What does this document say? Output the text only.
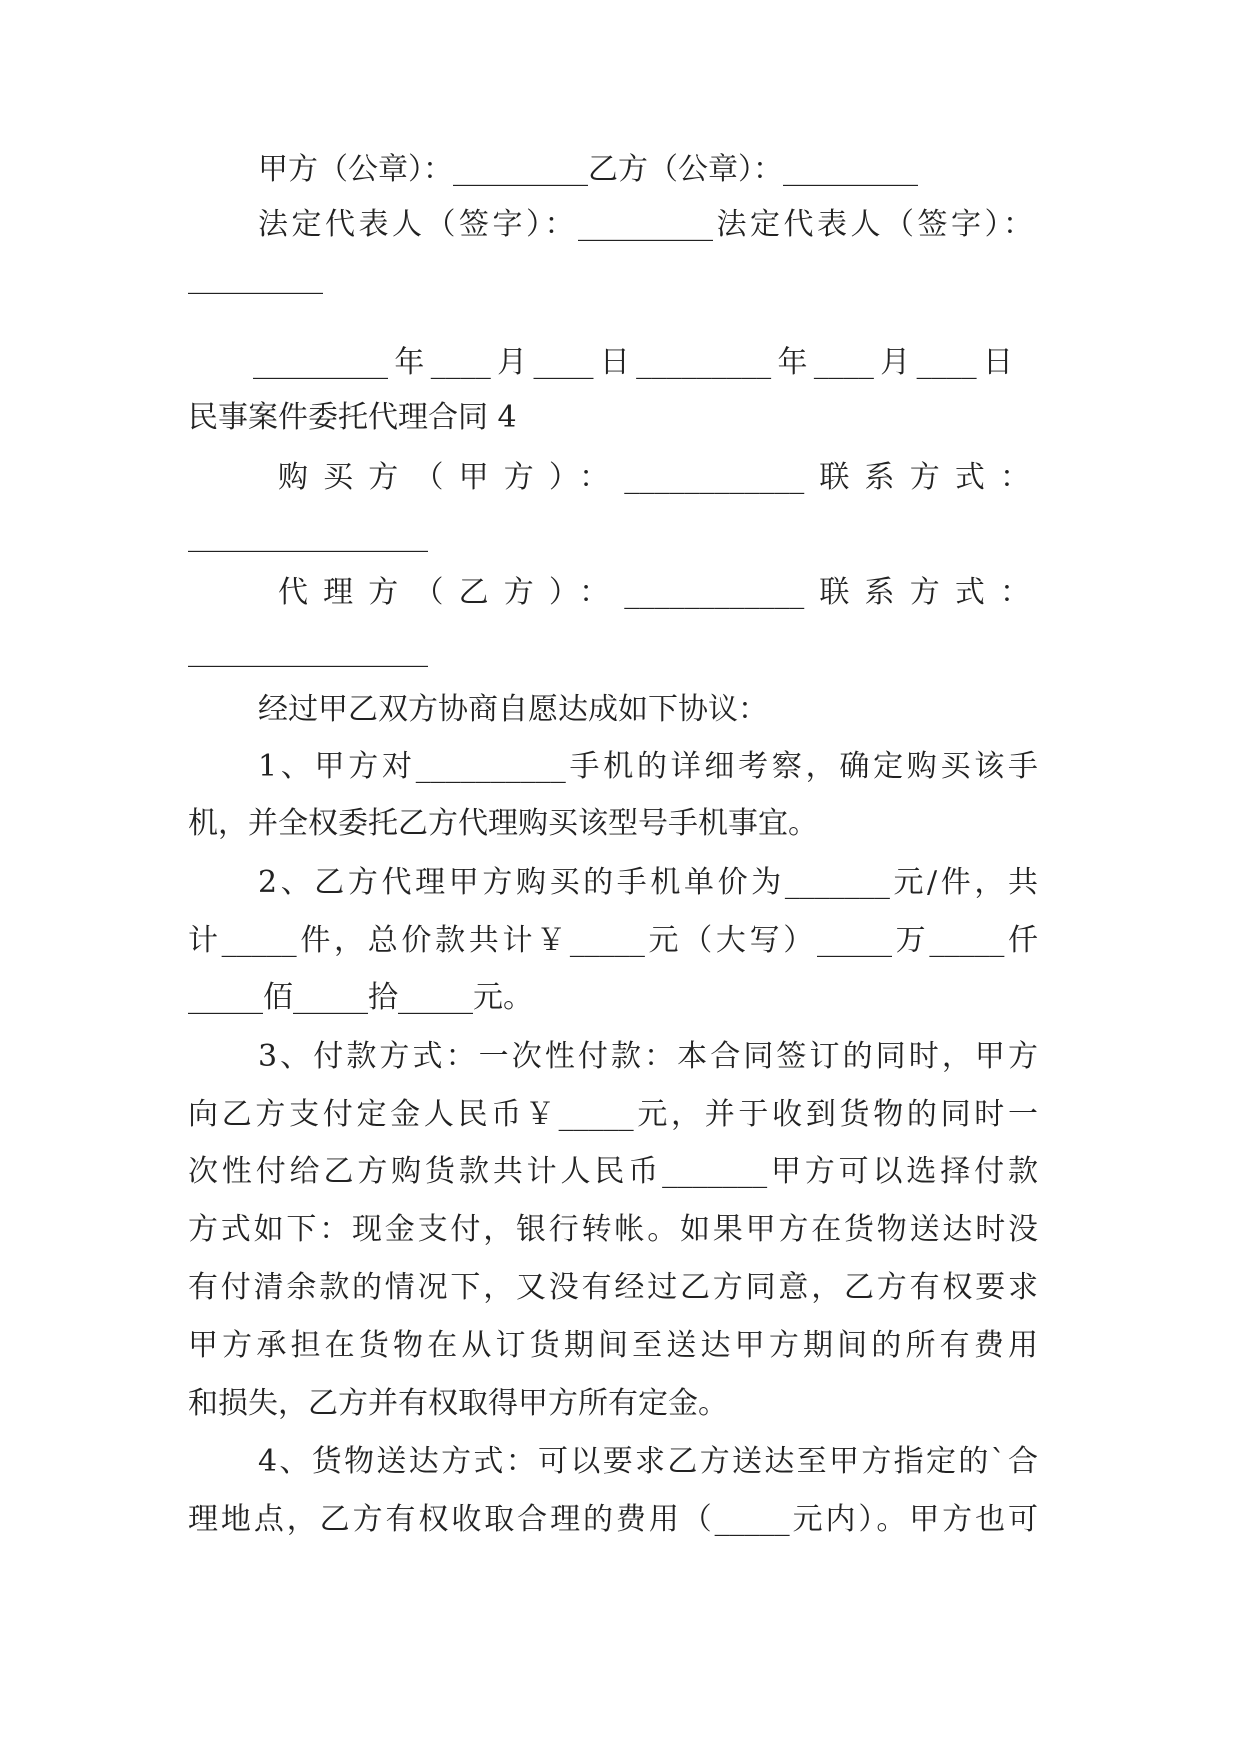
甲方（公章）：_________乙方（公章）：_________
法定代表人（签字）：_________法定代表人（签字）：
_________
_________年____月____日_________年____月____日
民事案件委托代理合同 4
购买方（甲方）：____________联系方式：
________________
代理方（乙方）：____________联系方式：
________________
经过甲乙双方协商自愿达成如下协议：
1、甲方对__________手机的详细考察，确定购买该手
机，并全权委托乙方代理购买该型号手机事宜。
2、乙方代理甲方购买的手机单价为_______元/件，共
计_____件，总价款共计￥_____元（大写）_____万_____仟
_____佰_____拾_____元。
3、付款方式：一次性付款：本合同签订的同时，甲方
向乙方支付定金人民币￥_____元，并于收到货物的同时一
次性付给乙方购货款共计人民币_______甲方可以选择付款
方式如下：现金支付，银行转帐。如果甲方在货物送达时没
有付清余款的情况下，又没有经过乙方同意，乙方有权要求
甲方承担在货物在从订货期间至送达甲方期间的所有费用
和损失，乙方并有权取得甲方所有定金。
4、货物送达方式：可以要求乙方送达至甲方指定的`合
理地点，乙方有权收取合理的费用（_____元内）。甲方也可
